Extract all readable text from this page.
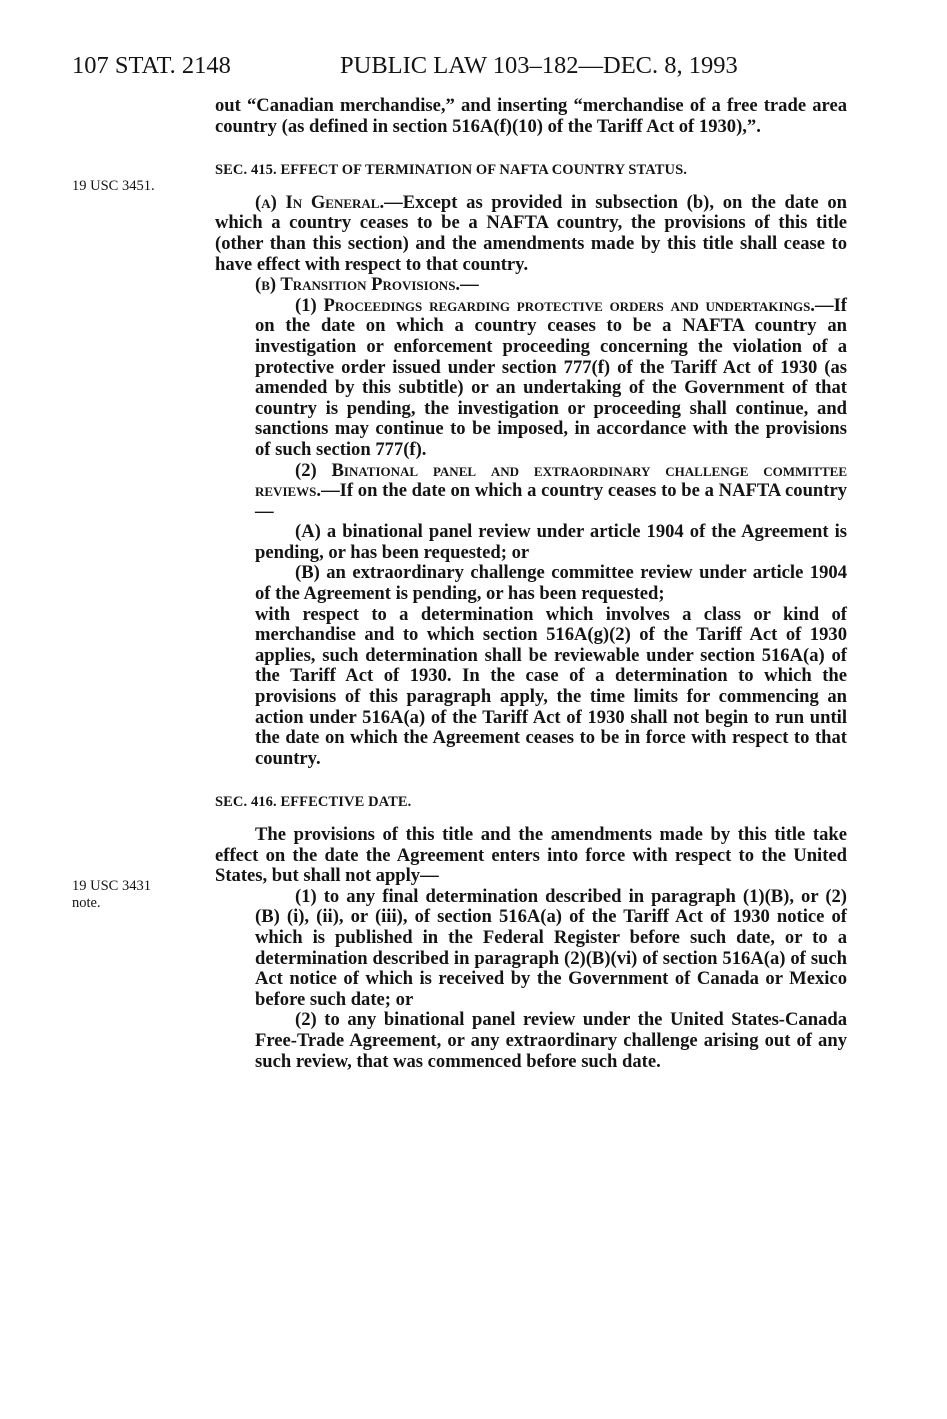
107 STAT. 2148	PUBLIC LAW 103–182—DEC. 8, 1993
19 USC 3451.
19 USC 3431
note.

out “Canadian merchandise,” and inserting “merchandise of a free trade area country (as defined in section 516A(f)(10) of the Tariff Act of 1930),”.

SEC. 415. EFFECT OF TERMINATION OF NAFTA COUNTRY STATUS.

(a) In General.—Except as provided in subsection (b), on the date on which a country ceases to be a NAFTA country, the provisions of this title (other than this section) and the amendments made by this title shall cease to have effect with respect to that country.

(b) Transition Provisions.—

(1) Proceedings regarding protective orders and undertakings.—If on the date on which a country ceases to be a NAFTA country an investigation or enforcement proceeding concerning the violation of a protective order issued under section 777(f) of the Tariff Act of 1930 (as amended by this subtitle) or an undertaking of the Government of that country is pending, the investigation or proceeding shall continue, and sanctions may continue to be imposed, in accordance with the provisions of such section 777(f).

(2) Binational panel and extraordinary challenge committee reviews.—If on the date on which a country ceases to be a NAFTA country—

(A) a binational panel review under article 1904 of the Agreement is pending, or has been requested; or

(B) an extraordinary challenge committee review under article 1904 of the Agreement is pending, or has been requested;

with respect to a determination which involves a class or kind of merchandise and to which section 516A(g)(2) of the Tariff Act of 1930 applies, such determination shall be reviewable under section 516A(a) of the Tariff Act of 1930. In the case of a determination to which the provisions of this paragraph apply, the time limits for commencing an action under 516A(a) of the Tariff Act of 1930 shall not begin to run until the date on which the Agreement ceases to be in force with respect to that country.

SEC. 416. EFFECTIVE DATE.

The provisions of this title and the amendments made by this title take effect on the date the Agreement enters into force with respect to the United States, but shall not apply—

(1) to any final determination described in paragraph (1)(B), or (2)(B) (i), (ii), or (iii), of section 516A(a) of the Tariff Act of 1930 notice of which is published in the Federal Register before such date, or to a determination described in paragraph (2)(B)(vi) of section 516A(a) of such Act notice of which is received by the Government of Canada or Mexico before such date; or

(2) to any binational panel review under the United States-Canada Free-Trade Agreement, or any extraordinary challenge arising out of any such review, that was commenced before such date.
